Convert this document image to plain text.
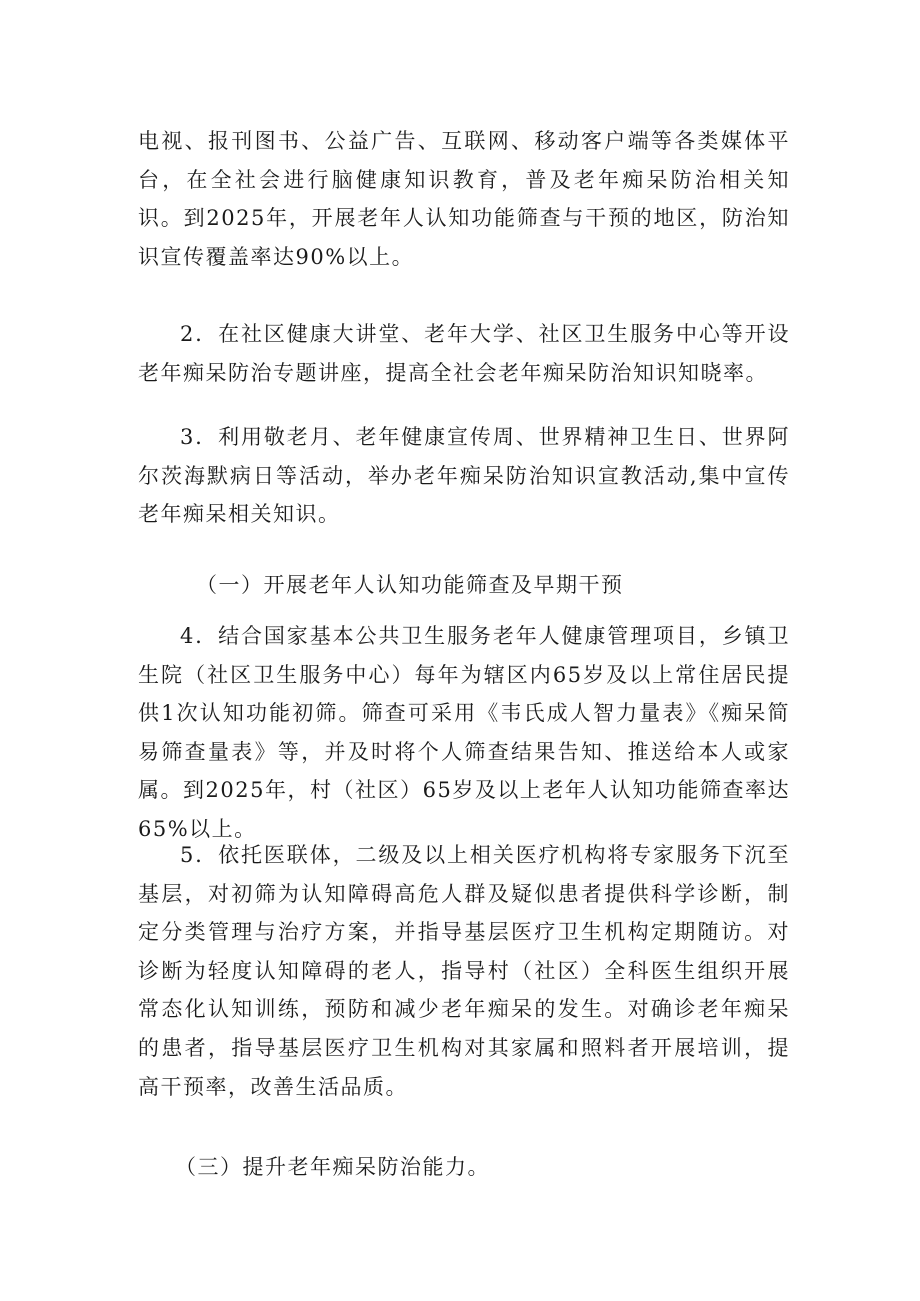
电视、报刊图书、公益广告、互联网、移动客户端等各类媒体平台，在全社会进行脑健康知识教育，普及老年痴呆防治相关知识。到2025年，开展老年人认知功能筛查与干预的地区，防治知识宣传覆盖率达90%以上。

2．在社区健康大讲堂、老年大学、社区卫生服务中心等开设老年痴呆防治专题讲座，提高全社会老年痴呆防治知识知晓率。

3．利用敬老月、老年健康宣传周、世界精神卫生日、世界阿尔茨海默病日等活动，举办老年痴呆防治知识宣教活动,集中宣传老年痴呆相关知识。

（一）开展老年人认知功能筛查及早期干预

4．结合国家基本公共卫生服务老年人健康管理项目，乡镇卫生院（社区卫生服务中心）每年为辖区内65岁及以上常住居民提供1次认知功能初筛。筛查可采用《韦氏成人智力量表》《痴呆简易筛查量表》等，并及时将个人筛查结果告知、推送给本人或家属。到2025年，村（社区）65岁及以上老年人认知功能筛查率达65%以上。

5．依托医联体，二级及以上相关医疗机构将专家服务下沉至基层，对初筛为认知障碍高危人群及疑似患者提供科学诊断，制定分类管理与治疗方案，并指导基层医疗卫生机构定期随访。对诊断为轻度认知障碍的老人，指导村（社区）全科医生组织开展常态化认知训练，预防和减少老年痴呆的发生。对确诊老年痴呆的患者，指导基层医疗卫生机构对其家属和照料者开展培训，提高干预率，改善生活品质。

（三）提升老年痴呆防治能力。
